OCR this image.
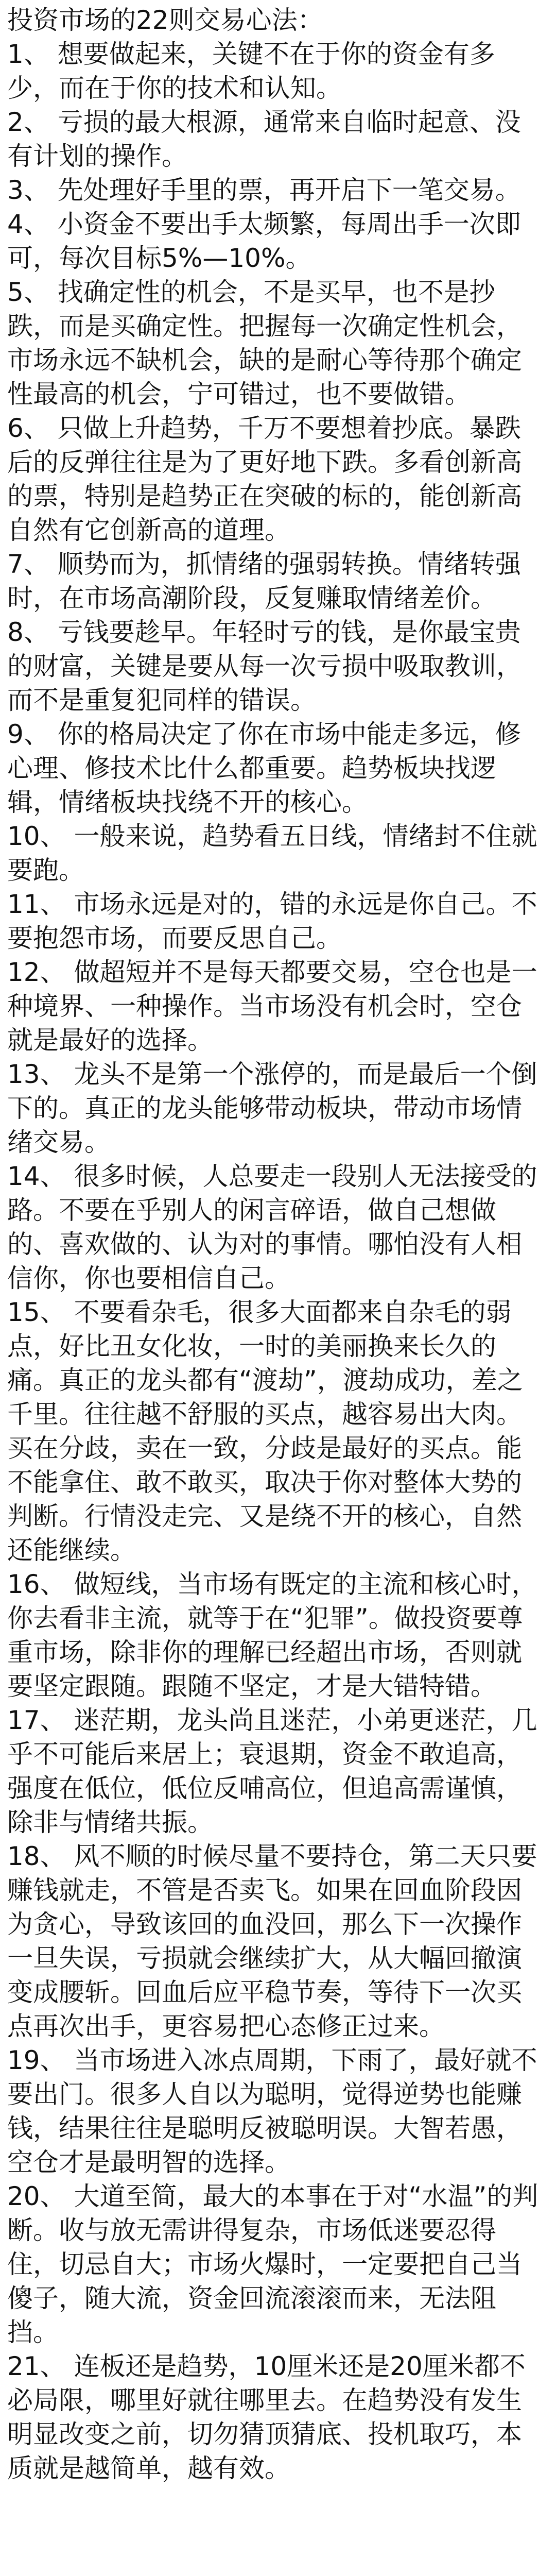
投资市场的22则交易心法：

1、 想要做起来，关键不在于你的资金有多少，而在于你的技术和认知。

2、 亏损的最大根源，通常来自临时起意、没有计划的操作。

3、 先处理好手里的票，再开启下一笔交易。

4、 小资金不要出手太频繁，每周出手一次即可，每次目标5%—10%。

5、 找确定性的机会，不是买早，也不是抄跌，而是买确定性。把握每一次确定性机会，市场永远不缺机会，缺的是耐心等待那个确定性最高的机会，宁可错过，也不要做错。

6、 只做上升趋势，千万不要想着抄底。暴跌后的反弹往往是为了更好地下跌。多看创新高的票，特别是趋势正在突破的标的，能创新高自然有它创新高的道理。

7、 顺势而为，抓情绪的强弱转换。情绪转强时，在市场高潮阶段，反复赚取情绪差价。

8、 亏钱要趁早。年轻时亏的钱，是你最宝贵的财富，关键是要从每一次亏损中吸取教训，而不是重复犯同样的错误。

9、 你的格局决定了你在市场中能走多远，修心理、修技术比什么都重要。趋势板块找逻辑，情绪板块找绕不开的核心。

10、 一般来说，趋势看五日线，情绪封不住就要跑。

11、 市场永远是对的，错的永远是你自己。不要抱怨市场，而要反思自己。

12、 做超短并不是每天都要交易，空仓也是一种境界、一种操作。当市场没有机会时，空仓就是最好的选择。

13、 龙头不是第一个涨停的，而是最后一个倒下的。真正的龙头能够带动板块，带动市场情绪交易。

14、 很多时候，人总要走一段别人无法接受的路。不要在乎别人的闲言碎语，做自己想做的、喜欢做的、认为对的事情。哪怕没有人相信你，你也要相信自己。

15、 不要看杂毛，很多大面都来自杂毛的弱点，好比丑女化妆，一时的美丽换来长久的痛。真正的龙头都有“渡劫”，渡劫成功，差之千里。往往越不舒服的买点，越容易出大肉。买在分歧，卖在一致，分歧是最好的买点。能不能拿住、敢不敢买，取决于你对整体大势的判断。行情没走完、又是绕不开的核心，自然还能继续。

16、 做短线，当市场有既定的主流和核心时，你去看非主流，就等于在“犯罪”。做投资要尊重市场，除非你的理解已经超出市场，否则就要坚定跟随。跟随不坚定，才是大错特错。

17、 迷茫期，龙头尚且迷茫，小弟更迷茫，几乎不可能后来居上；衰退期，资金不敢追高，强度在低位，低位反哺高位，但追高需谨慎，除非与情绪共振。

18、 风不顺的时候尽量不要持仓，第二天只要赚钱就走，不管是否卖飞。如果在回血阶段因为贪心，导致该回的血没回，那么下一次操作一旦失误，亏损就会继续扩大，从大幅回撤演变成腰斩。回血后应平稳节奏，等待下一次买点再次出手，更容易把心态修正过来。

19、 当市场进入冰点周期，下雨了，最好就不要出门。很多人自以为聪明，觉得逆势也能赚钱，结果往往是聪明反被聪明误。大智若愚，空仓才是最明智的选择。

20、 大道至简，最大的本事在于对“水温”的判断。收与放无需讲得复杂，市场低迷要忍得住，切忌自大；市场火爆时，一定要把自己当傻子，随大流，资金回流滚滚而来，无法阻挡。

21、 连板还是趋势，10厘米还是20厘米都不必局限，哪里好就往哪里去。在趋势没有发生明显改变之前，切勿猜顶猜底、投机取巧，本质就是越简单，越有效。
